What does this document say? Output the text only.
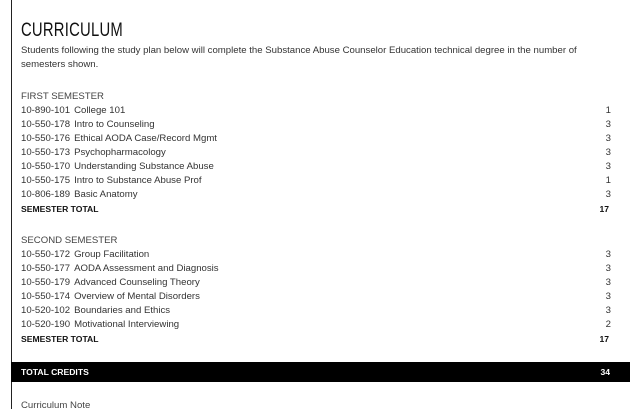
CURRICULUM
Students following the study plan below will complete the Substance Abuse Counselor Education technical degree in the number of semesters shown.
FIRST SEMESTER
10-890-101 College 101	1
10-550-178 Intro to Counseling	3
10-550-176 Ethical AODA Case/Record Mgmt	3
10-550-173 Psychopharmacology	3
10-550-170 Understanding Substance Abuse	3
10-550-175 Intro to Substance Abuse Prof	1
10-806-189 Basic Anatomy	3
SEMESTER TOTAL	17
SECOND SEMESTER
10-550-172 Group Facilitation	3
10-550-177 AODA Assessment and Diagnosis	3
10-550-179 Advanced Counseling Theory	3
10-550-174 Overview of Mental Disorders	3
10-520-102 Boundaries and Ethics	3
10-520-190 Motivational Interviewing	2
SEMESTER TOTAL	17
TOTAL CREDITS	34
Curriculum Note
